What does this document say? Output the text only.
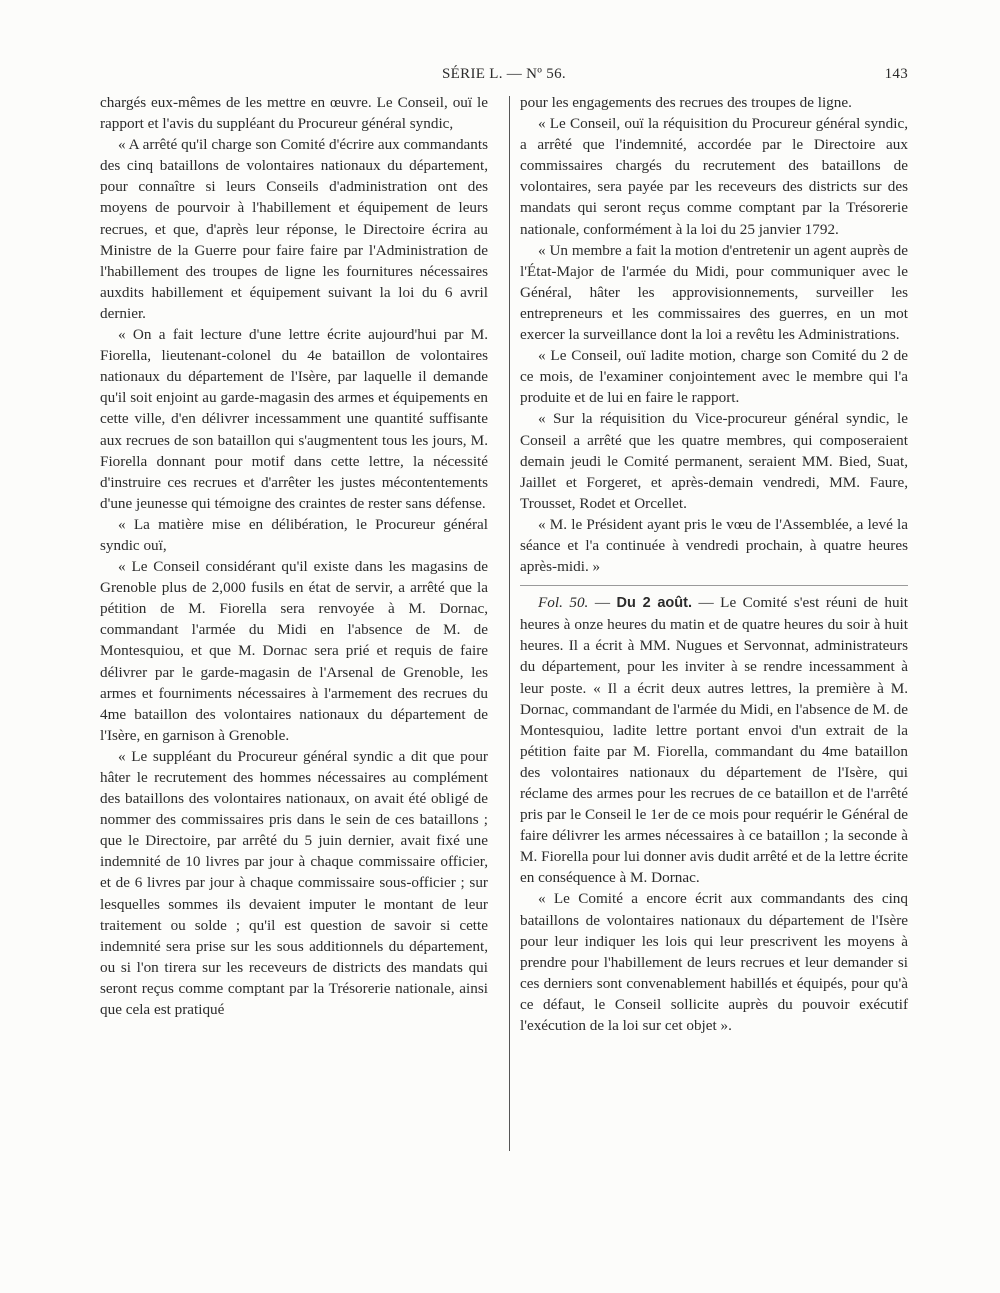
SÉRIE L. — Nº 56.	143

chargés eux-mêmes de les mettre en œuvre. Le Conseil, ouï le rapport et l'avis du suppléant du Procureur général syndic,

« A arrêté qu'il charge son Comité d'écrire aux commandants des cinq bataillons de volontaires nationaux du département, pour connaître si leurs Conseils d'administration ont des moyens de pourvoir à l'habillement et équipement de leurs recrues, et que, d'après leur réponse, le Directoire écrira au Ministre de la Guerre pour faire faire par l'Administration de l'habillement des troupes de ligne les fournitures nécessaires auxdits habillement et équipement suivant la loi du 6 avril dernier.

« On a fait lecture d'une lettre écrite aujourd'hui par M. Fiorella, lieutenant-colonel du 4e bataillon de volontaires nationaux du département de l'Isère, par laquelle il demande qu'il soit enjoint au garde-magasin des armes et équipements en cette ville, d'en délivrer incessamment une quantité suffisante aux recrues de son bataillon qui s'augmentent tous les jours, M. Fiorella donnant pour motif dans cette lettre, la nécessité d'instruire ces recrues et d'arrêter les justes mécontentements d'une jeunesse qui témoigne des craintes de rester sans défense.

« La matière mise en délibération, le Procureur général syndic ouï,

« Le Conseil considérant qu'il existe dans les magasins de Grenoble plus de 2,000 fusils en état de servir, a arrêté que la pétition de M. Fiorella sera renvoyée à M. Dornac, commandant l'armée du Midi en l'absence de M. de Montesquiou, et que M. Dornac sera prié et requis de faire délivrer par le garde-magasin de l'Arsenal de Grenoble, les armes et fourniments nécessaires à l'armement des recrues du 4me bataillon des volontaires nationaux du département de l'Isère, en garnison à Grenoble.

« Le suppléant du Procureur général syndic a dit que pour hâter le recrutement des hommes nécessaires au complément des bataillons des volontaires nationaux, on avait été obligé de nommer des commissaires pris dans le sein de ces bataillons ; que le Directoire, par arrêté du 5 juin dernier, avait fixé une indemnité de 10 livres par jour à chaque commissaire officier, et de 6 livres par jour à chaque commissaire sous-officier ; sur lesquelles sommes ils devaient imputer le montant de leur traitement ou solde ; qu'il est question de savoir si cette indemnité sera prise sur les sous additionnels du département, ou si l'on tirera sur les receveurs de districts des mandats qui seront reçus comme comptant par la Trésorerie nationale, ainsi que cela est pratiqué

pour les engagements des recrues des troupes de ligne.

« Le Conseil, ouï la réquisition du Procureur général syndic, a arrêté que l'indemnité, accordée par le Directoire aux commissaires chargés du recrutement des bataillons de volontaires, sera payée par les receveurs des districts sur des mandats qui seront reçus comme comptant par la Trésorerie nationale, conformément à la loi du 25 janvier 1792.

« Un membre a fait la motion d'entretenir un agent auprès de l'État-Major de l'armée du Midi, pour communiquer avec le Général, hâter les approvisionnements, surveiller les entrepreneurs et les commissaires des guerres, en un mot exercer la surveillance dont la loi a revêtu les Administrations.

« Le Conseil, ouï ladite motion, charge son Comité du 2 de ce mois, de l'examiner conjointement avec le membre qui l'a produite et de lui en faire le rapport.

« Sur la réquisition du Vice-procureur général syndic, le Conseil a arrêté que les quatre membres, qui composeraient demain jeudi le Comité permanent, seraient MM. Bied, Suat, Jaillet et Forgeret, et après-demain vendredi, MM. Faure, Trousset, Rodet et Orcellet.

« M. le Président ayant pris le vœu de l'Assemblée, a levé la séance et l'a continuée à vendredi prochain, à quatre heures après-midi. »

Fol. 50. — Du 2 août. — Le Comité s'est réuni de huit heures à onze heures du matin et de quatre heures du soir à huit heures. Il a écrit à MM. Nugues et Servonnat, administrateurs du département, pour les inviter à se rendre incessamment à leur poste. « Il a écrit deux autres lettres, la première à M. Dornac, commandant de l'armée du Midi, en l'absence de M. de Montesquiou, ladite lettre portant envoi d'un extrait de la pétition faite par M. Fiorella, commandant du 4me bataillon des volontaires nationaux du département de l'Isère, qui réclame des armes pour les recrues de ce bataillon et de l'arrêté pris par le Conseil le 1er de ce mois pour requérir le Général de faire délivrer les armes nécessaires à ce bataillon ; la seconde à M. Fiorella pour lui donner avis dudit arrêté et de la lettre écrite en conséquence à M. Dornac.

« Le Comité a encore écrit aux commandants des cinq bataillons de volontaires nationaux du département de l'Isère pour leur indiquer les lois qui leur prescrivent les moyens à prendre pour l'habillement de leurs recrues et leur demander si ces derniers sont convenablement habillés et équipés, pour qu'à ce défaut, le Conseil sollicite auprès du pouvoir exécutif l'exécution de la loi sur cet objet ».
